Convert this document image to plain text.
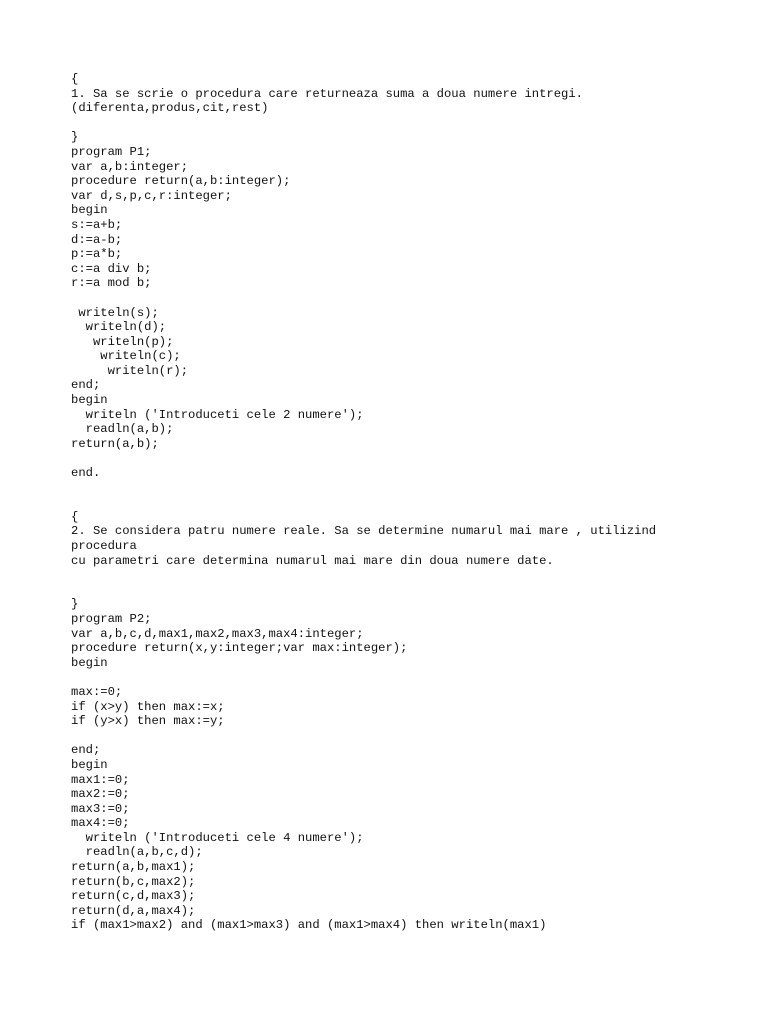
{
1. Sa se scrie o procedura care returneaza suma a doua numere intregi.
(diferenta,produs,cit,rest)
}
program P1;
var a,b:integer;
procedure return(a,b:integer);
var d,s,p,c,r:integer;
begin
s:=a+b;
d:=a-b;
p:=a*b;
c:=a div b;
r:=a mod b;
writeln(s);
writeln(d);
writeln(p);
writeln(c);
writeln(r);
end;
begin
writeln ('Introduceti cele 2 numere');
readln(a,b);
return(a,b);
end.
{
2. Se considera patru numere reale. Sa se determine numarul mai mare , utilizind
procedura
cu parametri care determina numarul mai mare din doua numere date.
}
program P2;
var a,b,c,d,max1,max2,max3,max4:integer;
procedure return(x,y:integer;var max:integer);
begin
max:=0;
if (x>y) then max:=x;
if (y>x) then max:=y;
end;
begin
max1:=0;
max2:=0;
max3:=0;
max4:=0;
writeln ('Introduceti cele 4 numere');
readln(a,b,c,d);
return(a,b,max1);
return(b,c,max2);
return(c,d,max3);
return(d,a,max4);
if (max1>max2) and (max1>max3) and (max1>max4) then writeln(max1)
